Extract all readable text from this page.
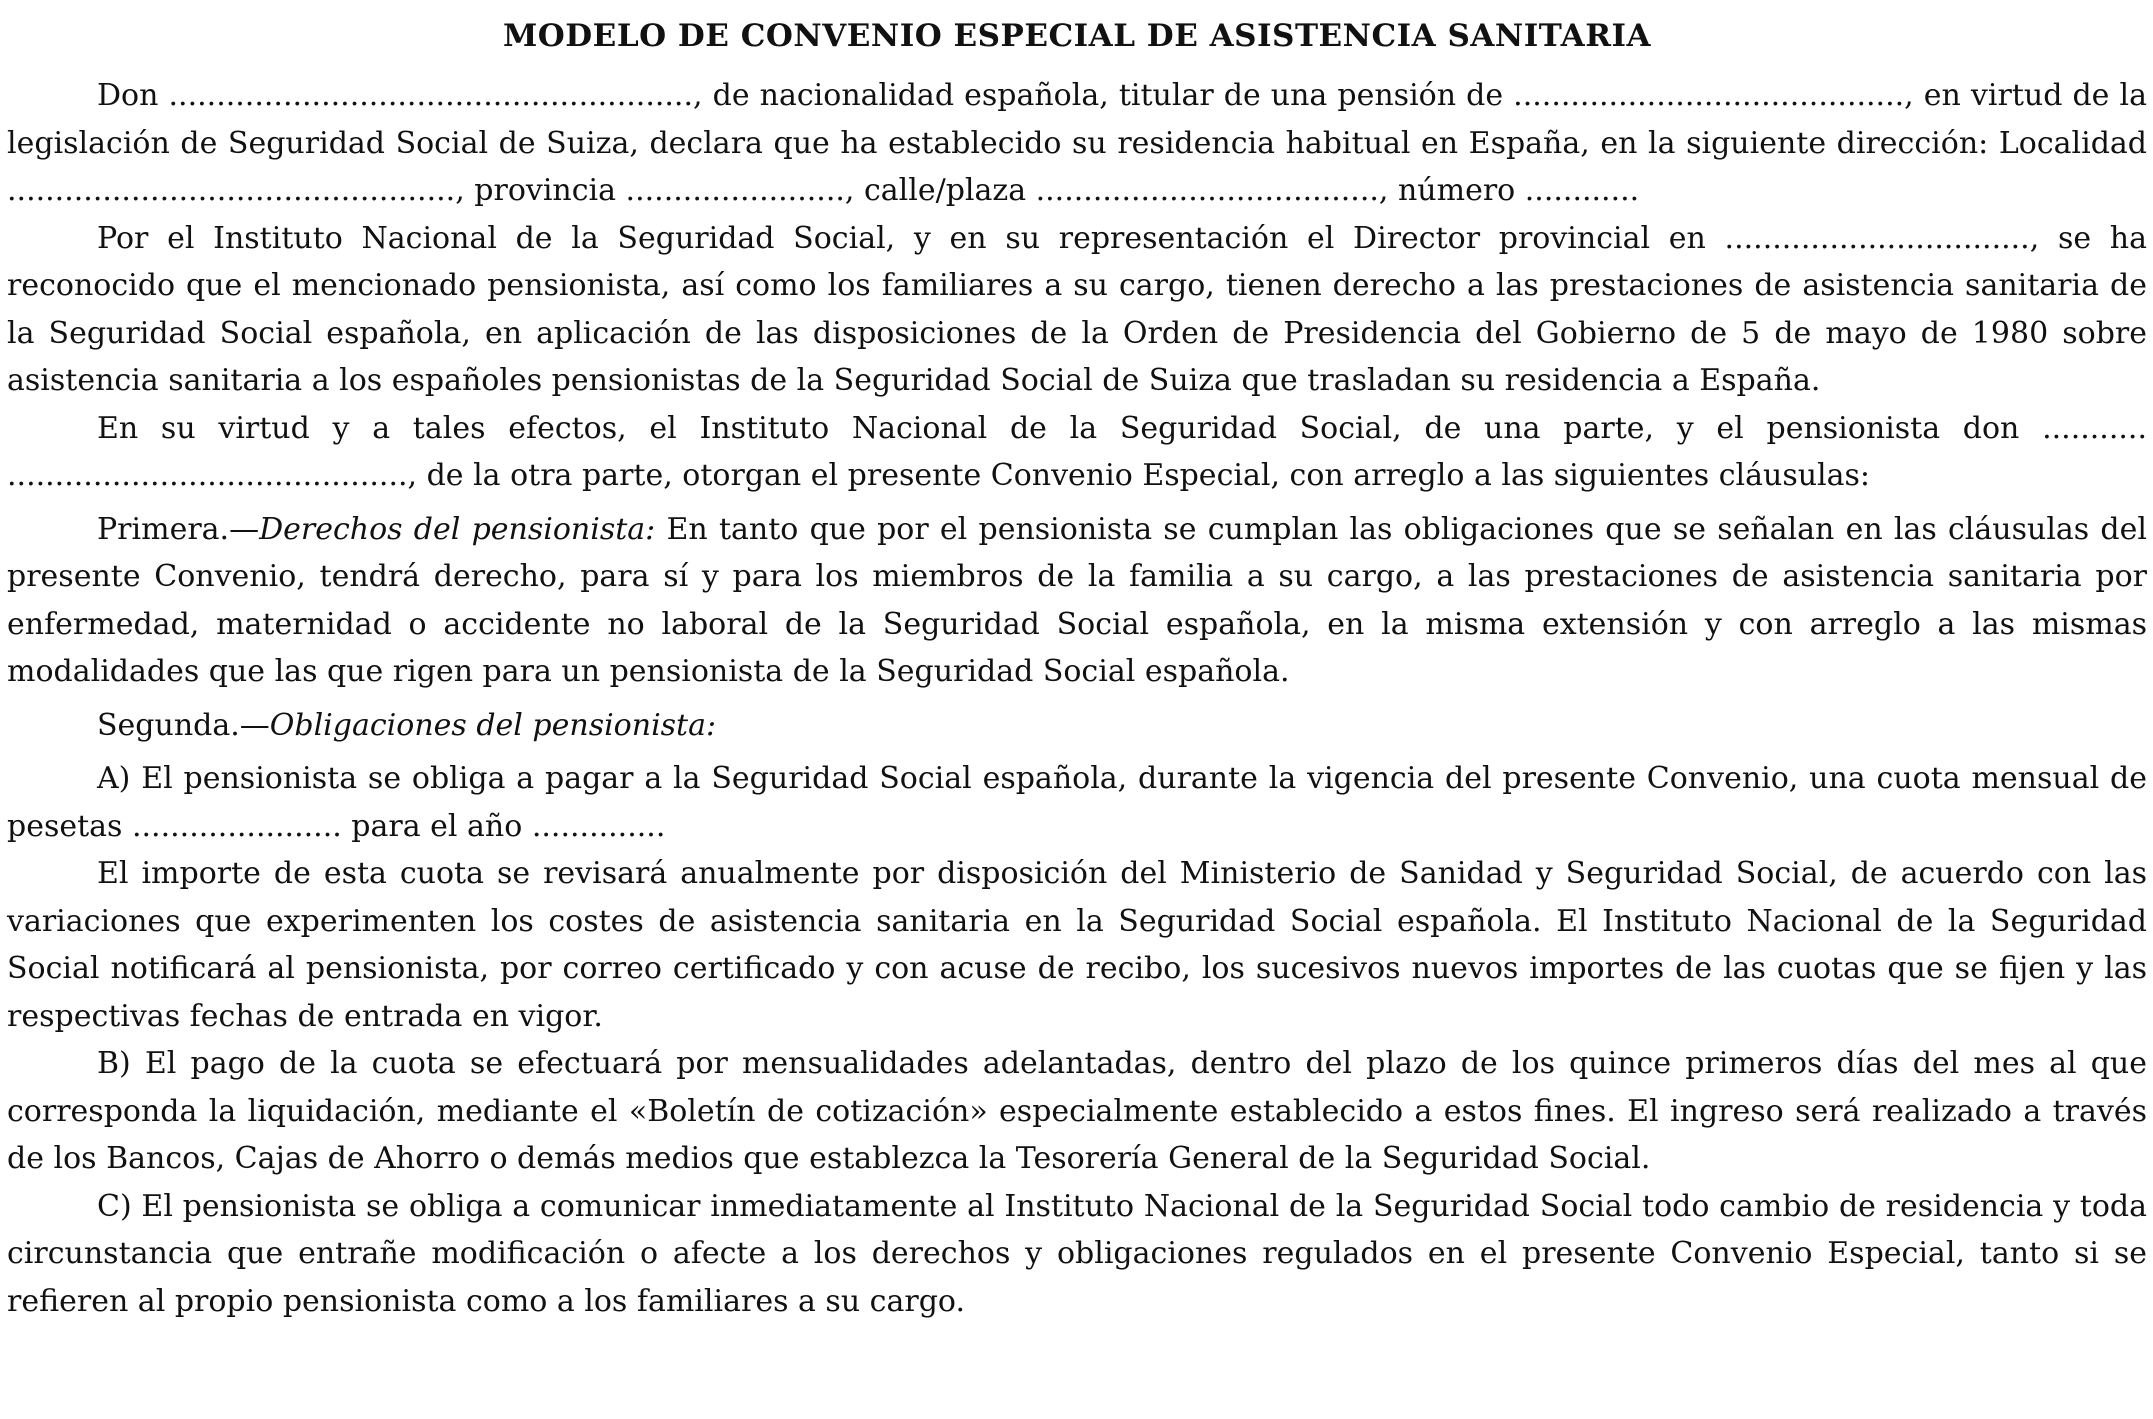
MODELO DE CONVENIO ESPECIAL DE ASISTENCIA SANITARIA

Don ......................................................., de nacionalidad española, titular de una pensión de ........................................., en virtud de la legislación de Seguridad Social de Suiza, declara que ha establecido su residencia habitual en España, en la siguiente dirección: Localidad ..............................................., provincia ......................., calle/plaza ...................................., número ............

Por el Instituto Nacional de la Seguridad Social, y en su representación el Director provincial en ................................, se ha reconocido que el mencionado pensionista, así como los familiares a su cargo, tienen derecho a las prestaciones de asistencia sanitaria de la Seguridad Social española, en aplicación de las disposiciones de la Orden de Presidencia del Gobierno de 5 de mayo de 1980 sobre asistencia sanitaria a los españoles pensionistas de la Seguridad Social de Suiza que trasladan su residencia a España.

En su virtud y a tales efectos, el Instituto Nacional de la Seguridad Social, de una parte, y el pensionista don ........... .........................................., de la otra parte, otorgan el presente Convenio Especial, con arreglo a las siguientes cláusulas:

Primera.—Derechos del pensionista: En tanto que por el pensionista se cumplan las obligaciones que se señalan en las cláusulas del presente Convenio, tendrá derecho, para sí y para los miembros de la familia a su cargo, a las prestaciones de asistencia sanitaria por enfermedad, maternidad o accidente no laboral de la Seguridad Social española, en la misma extensión y con arreglo a las mismas modalidades que las que rigen para un pensionista de la Seguridad Social española.

Segunda.—Obligaciones del pensionista:

A) El pensionista se obliga a pagar a la Seguridad Social española, durante la vigencia del presente Convenio, una cuota mensual de pesetas ...................... para el año ..............

El importe de esta cuota se revisará anualmente por disposición del Ministerio de Sanidad y Seguridad Social, de acuerdo con las variaciones que experimenten los costes de asistencia sanitaria en la Seguridad Social española. El Instituto Nacional de la Seguridad Social notificará al pensionista, por correo certificado y con acuse de recibo, los sucesivos nuevos importes de las cuotas que se fijen y las respectivas fechas de entrada en vigor.

B) El pago de la cuota se efectuará por mensualidades adelantadas, dentro del plazo de los quince primeros días del mes al que corresponda la liquidación, mediante el «Boletín de cotización» especialmente establecido a estos fines. El ingreso será realizado a través de los Bancos, Cajas de Ahorro o demás medios que establezca la Tesorería General de la Seguridad Social.

C) El pensionista se obliga a comunicar inmediatamente al Instituto Nacional de la Seguridad Social todo cambio de residencia y toda circunstancia que entrañe modificación o afecte a los derechos y obligaciones regulados en el presente Convenio Especial, tanto si se refieren al propio pensionista como a los familiares a su cargo.
